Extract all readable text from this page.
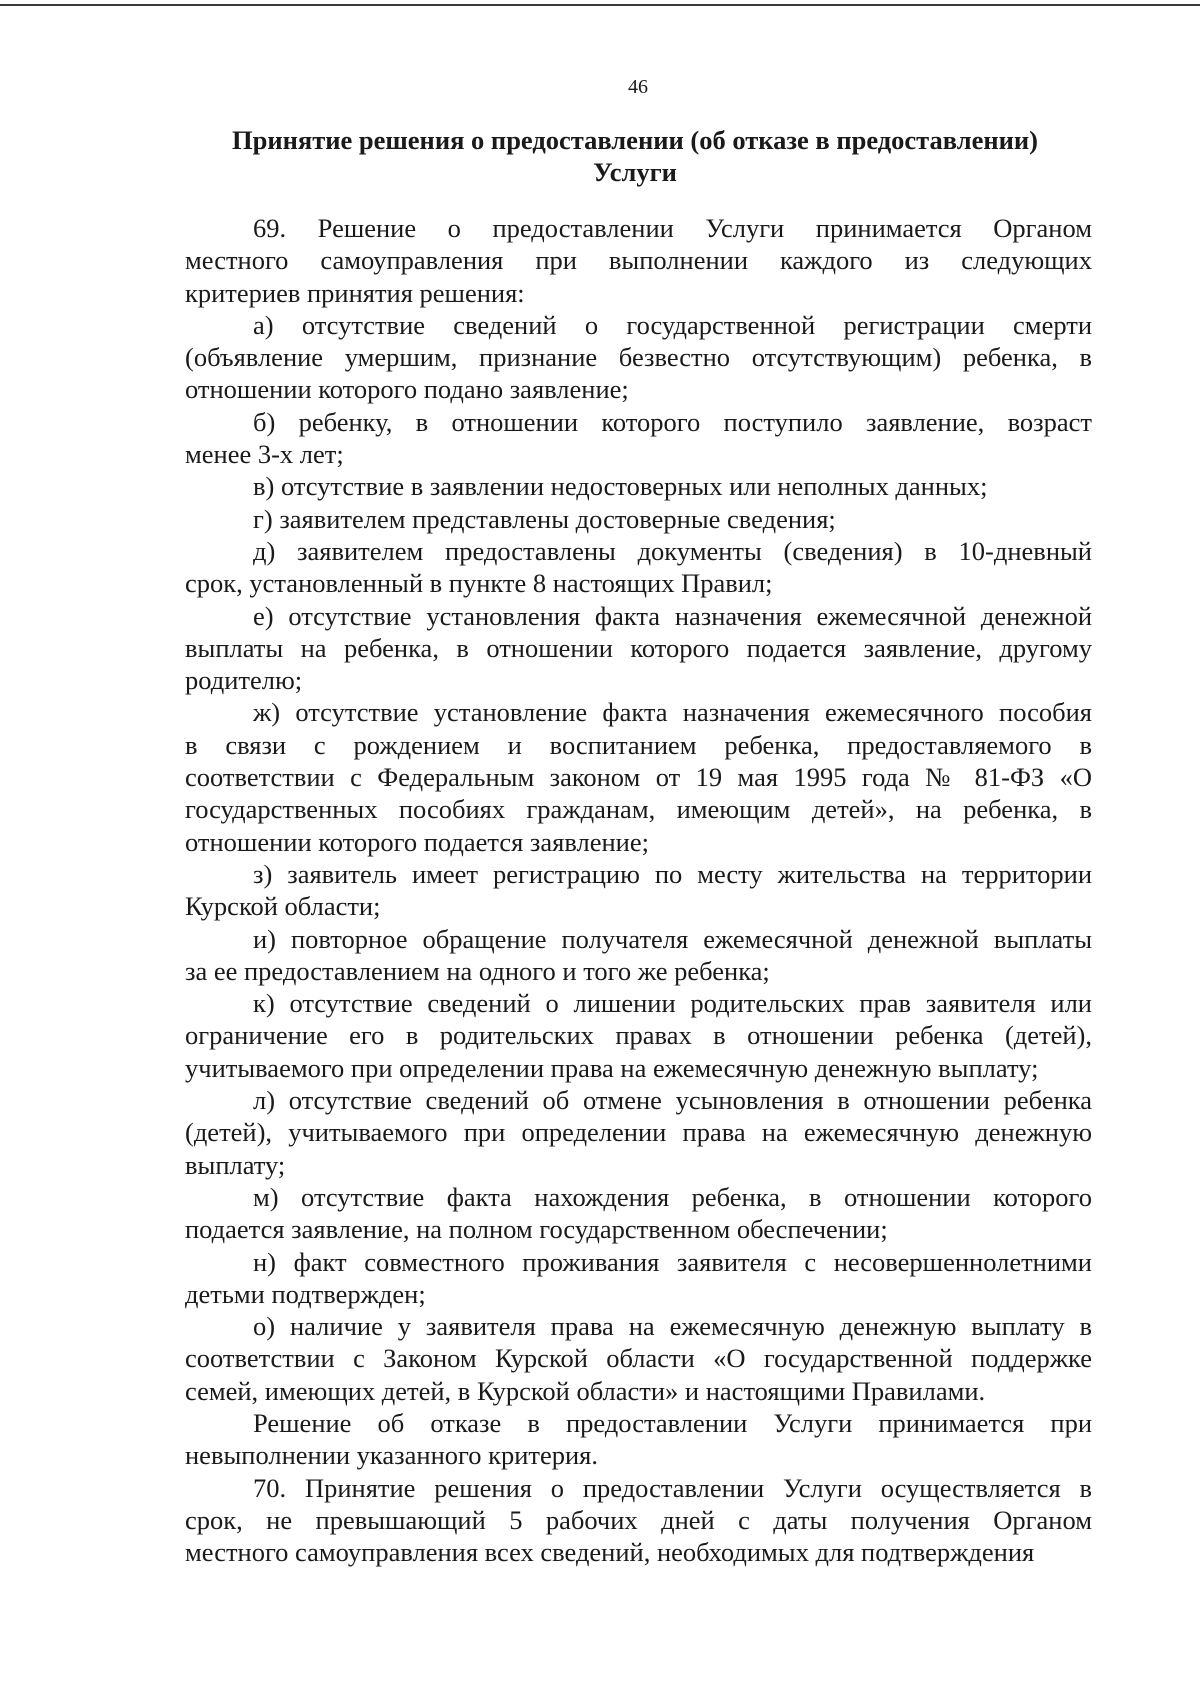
46
Принятие решения о предоставлении (об отказе в предоставлении)
Услуги
69. Решение о предоставлении Услуги принимается Органом
местного самоуправления при выполнении каждого из следующих
критериев принятия решения:
а) отсутствие сведений о государственной регистрации смерти
(объявление умершим, признание безвестно отсутствующим) ребенка, в
отношении которого подано заявление;
б) ребенку, в отношении которого поступило заявление, возраст
менее 3-х лет;
в) отсутствие в заявлении недостоверных или неполных данных;
г) заявителем представлены достоверные сведения;
д) заявителем предоставлены документы (сведения) в 10-дневный
срок, установленный в пункте 8 настоящих Правил;
е) отсутствие установления факта назначения ежемесячной денежной
выплаты на ребенка, в отношении которого подается заявление, другому
родителю;
ж) отсутствие установление факта назначения ежемесячного пособия
в связи с рождением и воспитанием ребенка, предоставляемого в
соответствии с Федеральным законом от 19 мая 1995 года № 81-ФЗ «О
государственных пособиях гражданам, имеющим детей», на ребенка, в
отношении которого подается заявление;
з) заявитель имеет регистрацию по месту жительства на территории
Курской области;
и) повторное обращение получателя ежемесячной денежной выплаты
за ее предоставлением на одного и того же ребенка;
к) отсутствие сведений о лишении родительских прав заявителя или
ограничение его в родительских правах в отношении ребенка (детей),
учитываемого при определении права на ежемесячную денежную выплату;
л) отсутствие сведений об отмене усыновления в отношении ребенка
(детей), учитываемого при определении права на ежемесячную денежную
выплату;
м) отсутствие факта нахождения ребенка, в отношении которого
подается заявление, на полном государственном обеспечении;
н) факт совместного проживания заявителя с несовершеннолетними
детьми подтвержден;
о) наличие у заявителя права на ежемесячную денежную выплату в
соответствии с Законом Курской области «О государственной поддержке
семей, имеющих детей, в Курской области» и настоящими Правилами.
Решение об отказе в предоставлении Услуги принимается при
невыполнении указанного критерия.
70. Принятие решения о предоставлении Услуги осуществляется в
срок, не превышающий 5 рабочих дней с даты получения Органом
местного самоуправления всех сведений, необходимых для подтверждения
